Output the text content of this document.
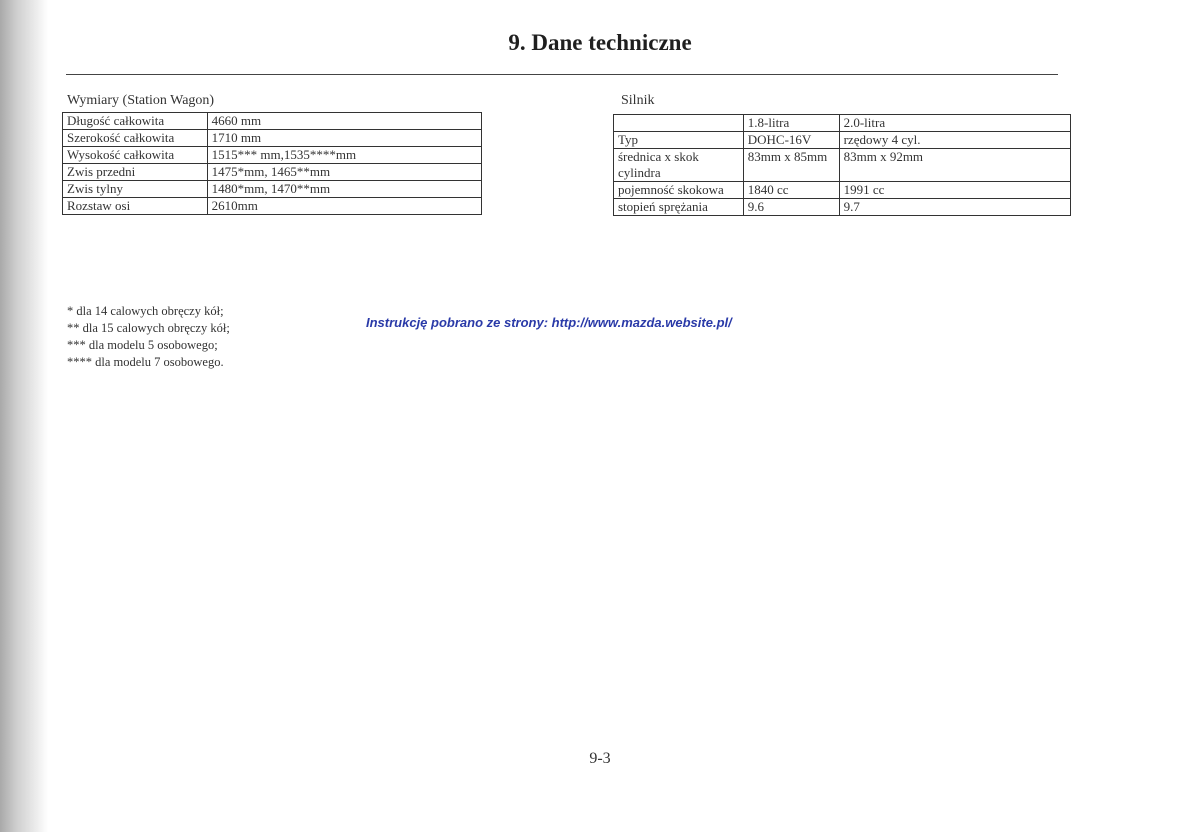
9. Dane techniczne
Wymiary (Station Wagon)
Długość całkowita	4660 mm
Szerokość całkowita	1710 mm
Wysokość całkowita	1515*** mm,1535****mm
Zwis przedni	1475*mm, 1465**mm
Zwis tylny	1480*mm, 1470**mm
Rozstaw osi	2610mm
* dla 14 calowych obręczy kół;
** dla 15 calowych obręczy kół;
*** dla modelu 5 osobowego;
**** dla modelu 7 osobowego.
Silnik
	1.8-litra	2.0-litra
Typ	DOHC-16V	rzędowy 4 cyl.
średnica x skok cylindra	83mm x 85mm	83mm x 92mm
pojemność skokowa	1840 cc	1991 cc
stopień sprężania	9.6	9.7
Instrukcję pobrano ze strony: http://www.mazda.website.pl/
9-3
